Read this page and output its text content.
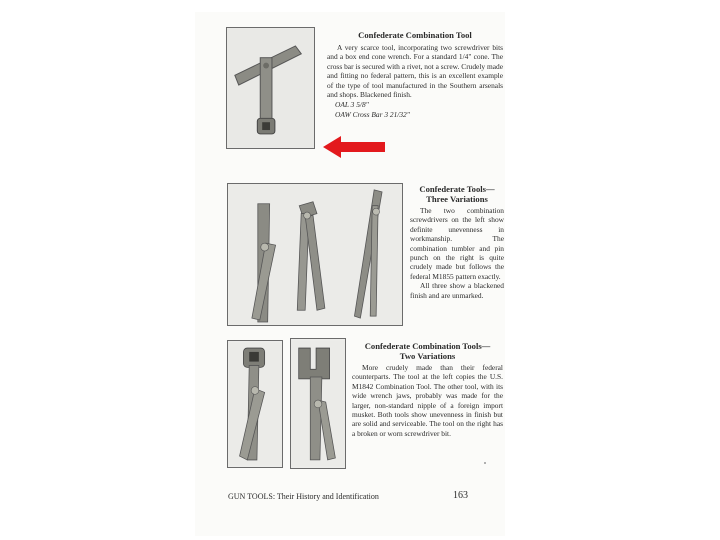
Confederate Combination Tool
A very scarce tool, incorporating two screwdriver bits and a box end cone wrench. For a standard 1/4" cone. The cross bar is secured with a rivet, not a screw. Crudely made and fitting no federal pattern, this is an excellent example of the type of tool manufactured in the Southern arsenals and shops. Blackened finish.
OAL 3 5/8"
OAW Cross Bar 3 21/32"
Confederate Tools—
Three Variations
The two combination screwdrivers on the left show definite unevenness in workmanship. The combination tumbler and pin punch on the right is quite crudely made but follows the federal M1855 pattern exactly.
All three show a blackened finish and are unmarked.
Confederate Combination Tools—
Two Variations
More crudely made than their federal counterparts. The tool at the left copies the U.S. M1842 Combination Tool. The other tool, with its wide wrench jaws, probably was made for the larger, non-standard nipple of a foreign import musket. Both tools show unevenness in finish but are solid and serviceable. The tool on the right has a broken or worn screwdriver bit.
GUN TOOLS: Their History and Identification	163
